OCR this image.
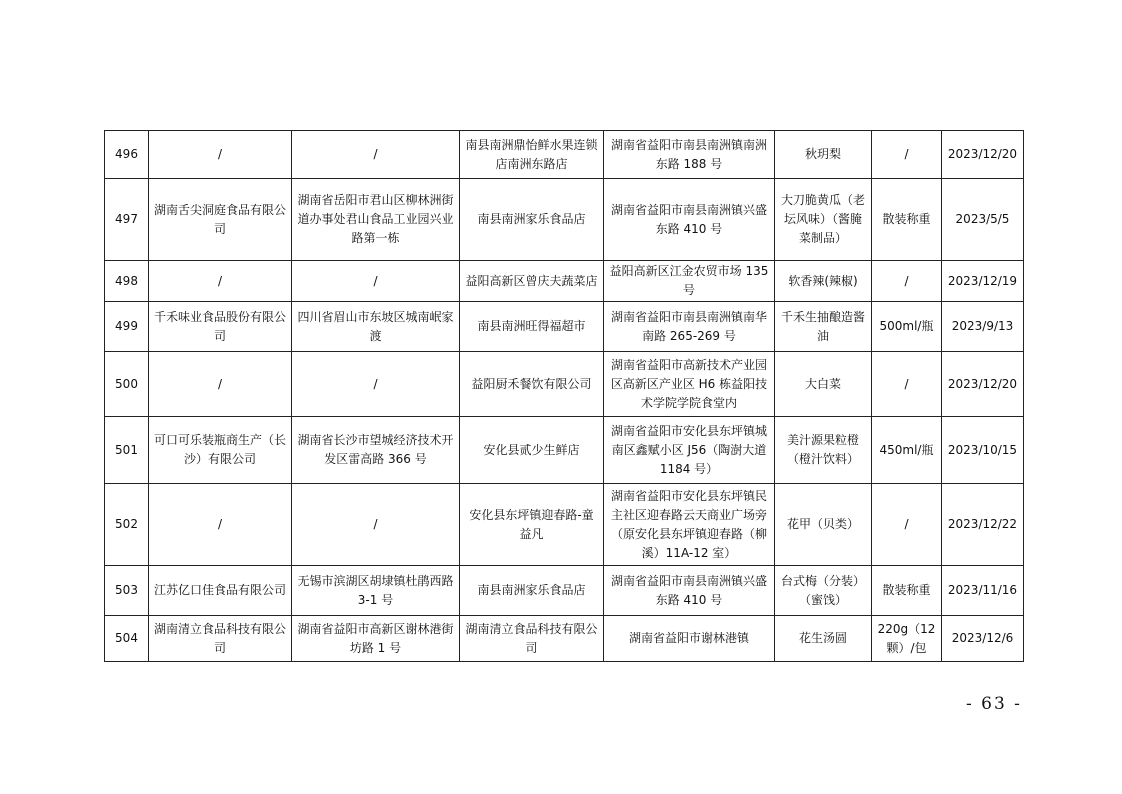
496	/	/	南县南洲鼎怡鲜水果连锁店南洲东路店	湖南省益阳市南县南洲镇南洲东路 188 号	秋玥梨	/	2023/12/20
497	湖南舌尖洞庭食品有限公司	湖南省岳阳市君山区柳林洲街道办事处君山食品工业园兴业路第一栋	南县南洲家乐食品店	湖南省益阳市南县南洲镇兴盛东路 410 号	大刀脆黄瓜（老坛风味）（酱腌菜制品）	散装称重	2023/5/5
498	/	/	益阳高新区曾庆夫蔬菜店	益阳高新区江金农贸市场 135 号	软香辣(辣椒)	/	2023/12/19
499	千禾味业食品股份有限公司	四川省眉山市东坡区城南岷家渡	南县南洲旺得福超市	湖南省益阳市南县南洲镇南华南路 265-269 号	千禾生抽酿造酱油	500ml/瓶	2023/9/13
500	/	/	益阳厨禾餐饮有限公司	湖南省益阳市高新技术产业园区高新区产业区 H6 栋益阳技术学院学院食堂内	大白菜	/	2023/12/20
501	可口可乐装瓶商生产（长沙）有限公司	湖南省长沙市望城经济技术开发区雷高路 366 号	安化县贰少生鲜店	湖南省益阳市安化县东坪镇城南区鑫赋小区 J56（陶澍大道 1184 号）	美汁源果粒橙（橙汁饮料）	450ml/瓶	2023/10/15
502	/	/	安化县东坪镇迎春路-童益凡	湖南省益阳市安化县东坪镇民主社区迎春路云天商业广场旁（原安化县东坪镇迎春路（柳溪）11A-12 室）	花甲（贝类）	/	2023/12/22
503	江苏亿口佳食品有限公司	无锡市滨湖区胡埭镇杜鹃西路 3-1 号	南县南洲家乐食品店	湖南省益阳市南县南洲镇兴盛东路 410 号	台式梅（分装）（蜜饯）	散装称重	2023/11/16
504	湖南清立食品科技有限公司	湖南省益阳市高新区谢林港街坊路 1 号	湖南清立食品科技有限公司	湖南省益阳市谢林港镇	花生汤圆	220g（12 颗）/包	2023/12/6
- 63 -
